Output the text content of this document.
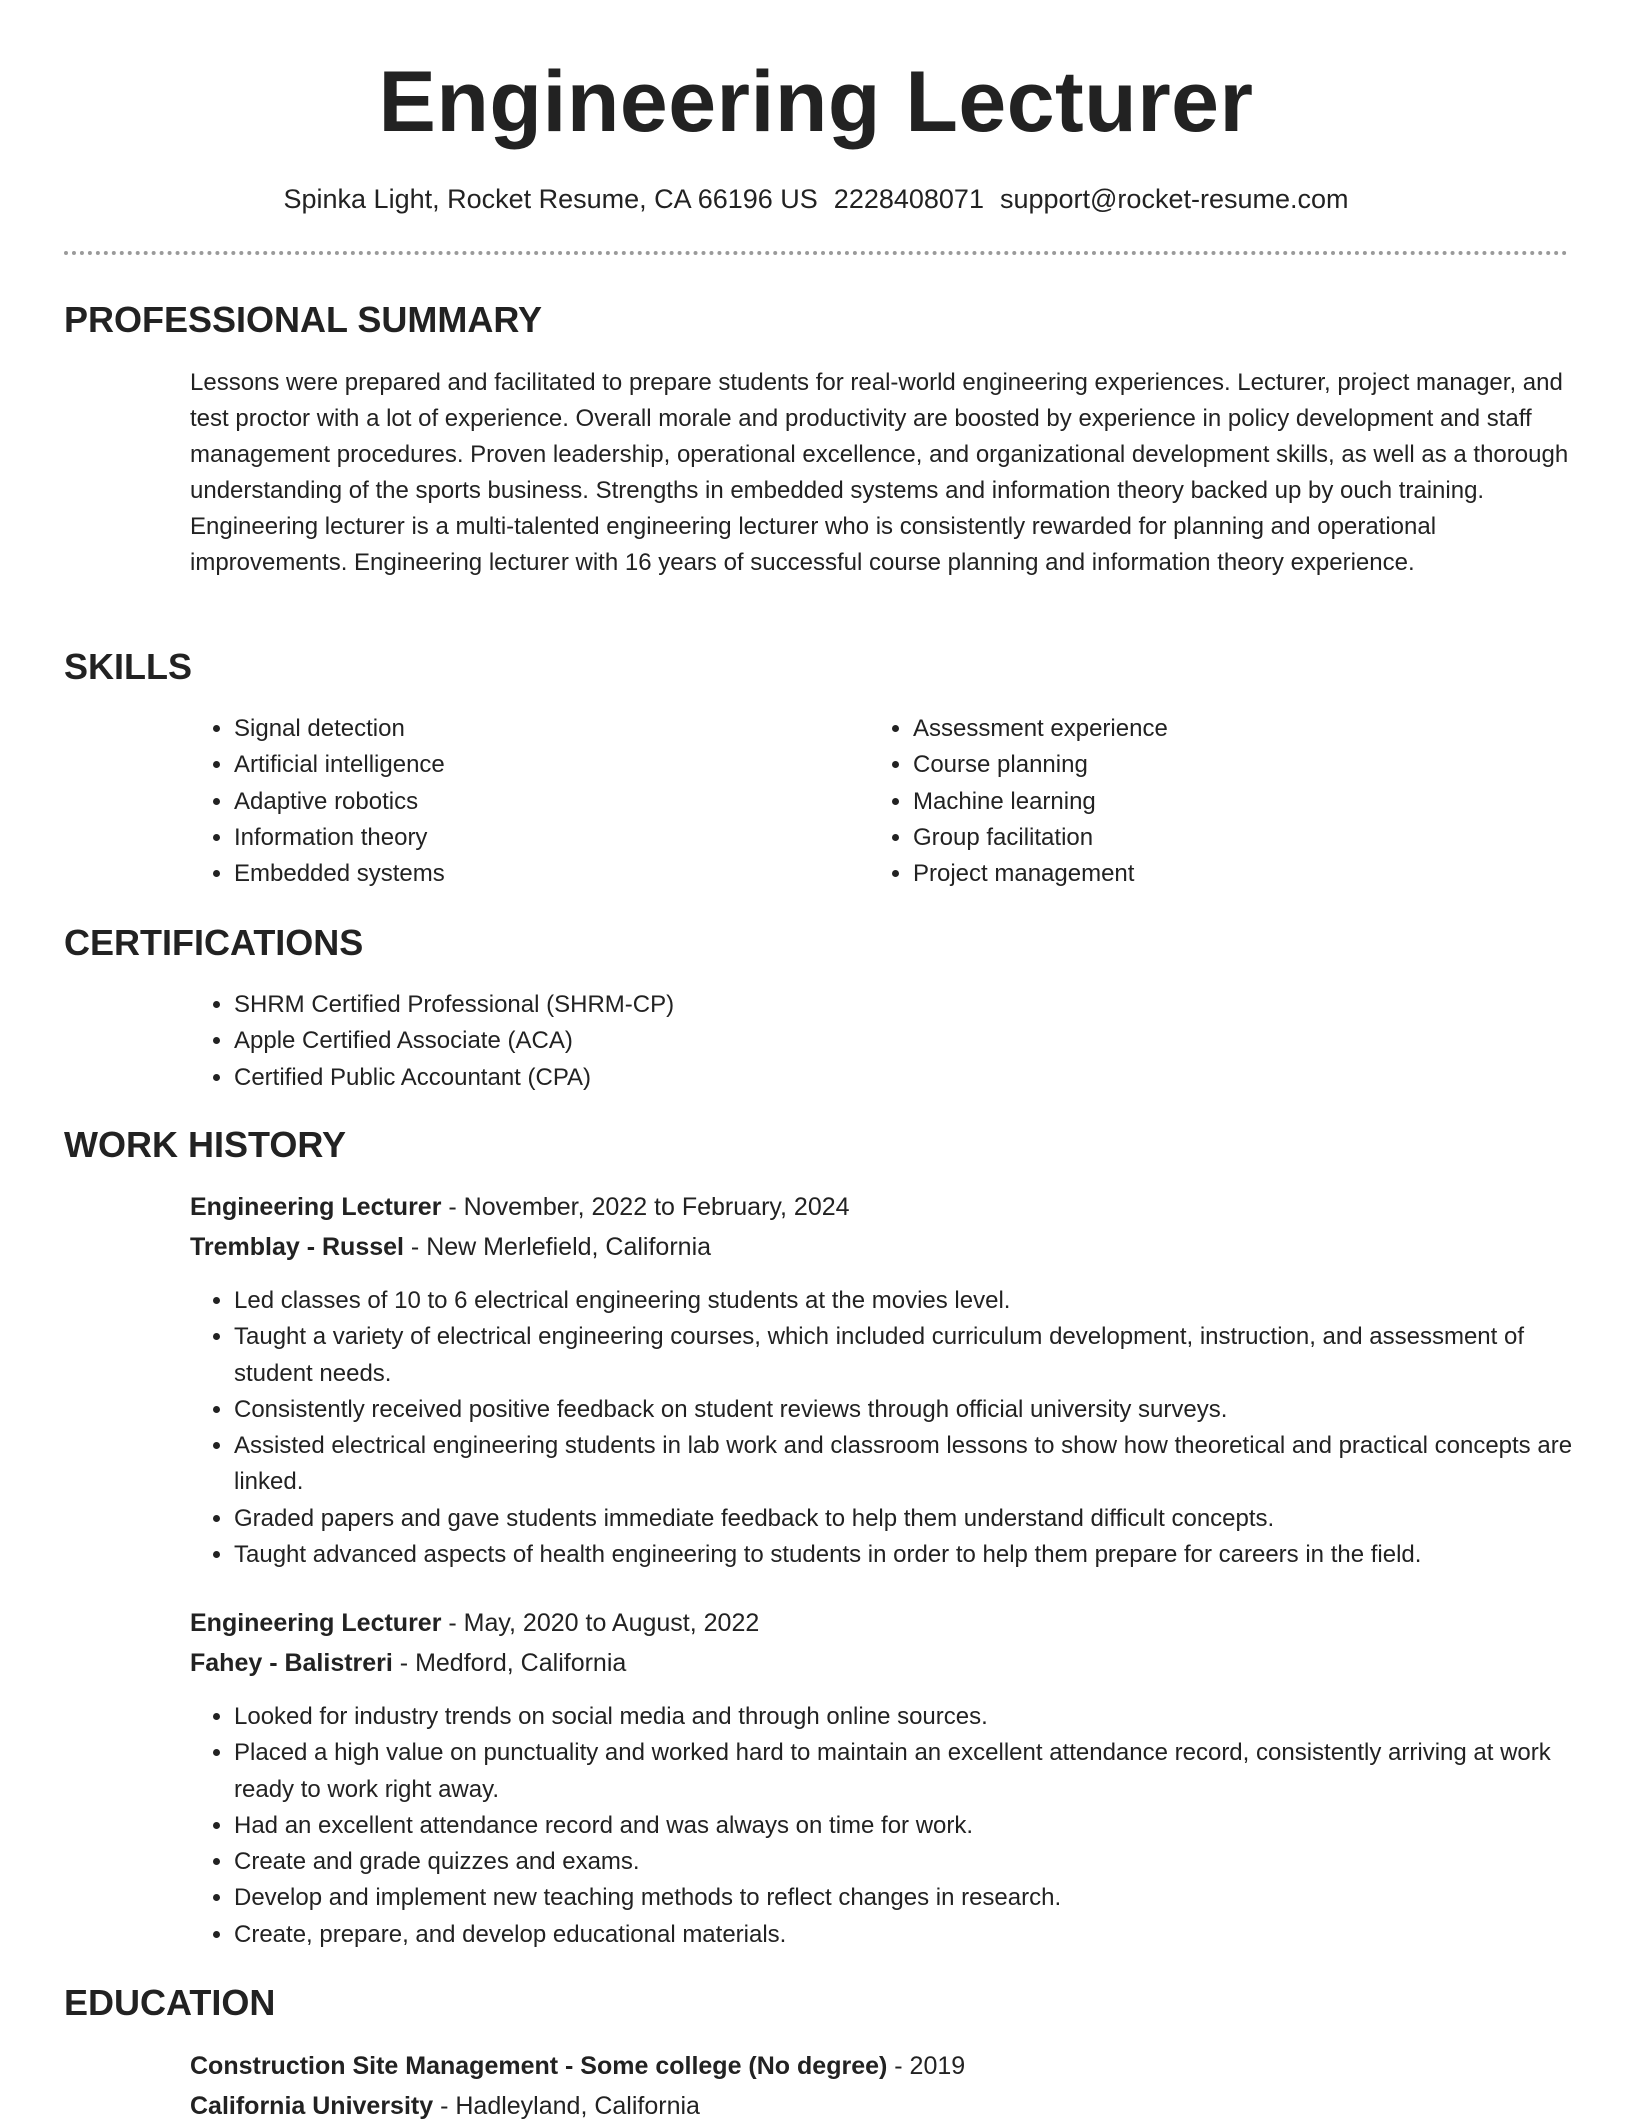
Engineering Lecturer
Spinka Light, Rocket Resume, CA 66196 US 2228408071 support@rocket-resume.com
PROFESSIONAL SUMMARY

Lessons were prepared and facilitated to prepare students for real-world engineering experiences. Lecturer, project manager, and test proctor with a lot of experience. Overall morale and productivity are boosted by experience in policy development and staff management procedures. Proven leadership, operational excellence, and organizational development skills, as well as a thorough understanding of the sports business. Strengths in embedded systems and information theory backed up by ouch training. Engineering lecturer is a multi-talented engineering lecturer who is consistently rewarded for planning and operational improvements. Engineering lecturer with 16 years of successful course planning and information theory experience.

SKILLS
• Signal detection
• Artificial intelligence
• Adaptive robotics
• Information theory
• Embedded systems
• Assessment experience
• Course planning
• Machine learning
• Group facilitation
• Project management
CERTIFICATIONS
• SHRM Certified Professional (SHRM-CP)
• Apple Certified Associate (ACA)
• Certified Public Accountant (CPA)
WORK HISTORY
Engineering Lecturer - November, 2022 to February, 2024
Tremblay - Russel - New Merlefield, California
• Led classes of 10 to 6 electrical engineering students at the movies level.
• Taught a variety of electrical engineering courses, which included curriculum development, instruction, and assessment of student needs.
• Consistently received positive feedback on student reviews through official university surveys.
• Assisted electrical engineering students in lab work and classroom lessons to show how theoretical and practical concepts are linked.
• Graded papers and gave students immediate feedback to help them understand difficult concepts.
• Taught advanced aspects of health engineering to students in order to help them prepare for careers in the field.
Engineering Lecturer - May, 2020 to August, 2022
Fahey - Balistreri - Medford, California
• Looked for industry trends on social media and through online sources.
• Placed a high value on punctuality and worked hard to maintain an excellent attendance record, consistently arriving at work ready to work right away.
• Had an excellent attendance record and was always on time for work.
• Create and grade quizzes and exams.
• Develop and implement new teaching methods to reflect changes in research.
• Create, prepare, and develop educational materials.
EDUCATION
Construction Site Management - Some college (No degree) - 2019
California University - Hadleyland, California
